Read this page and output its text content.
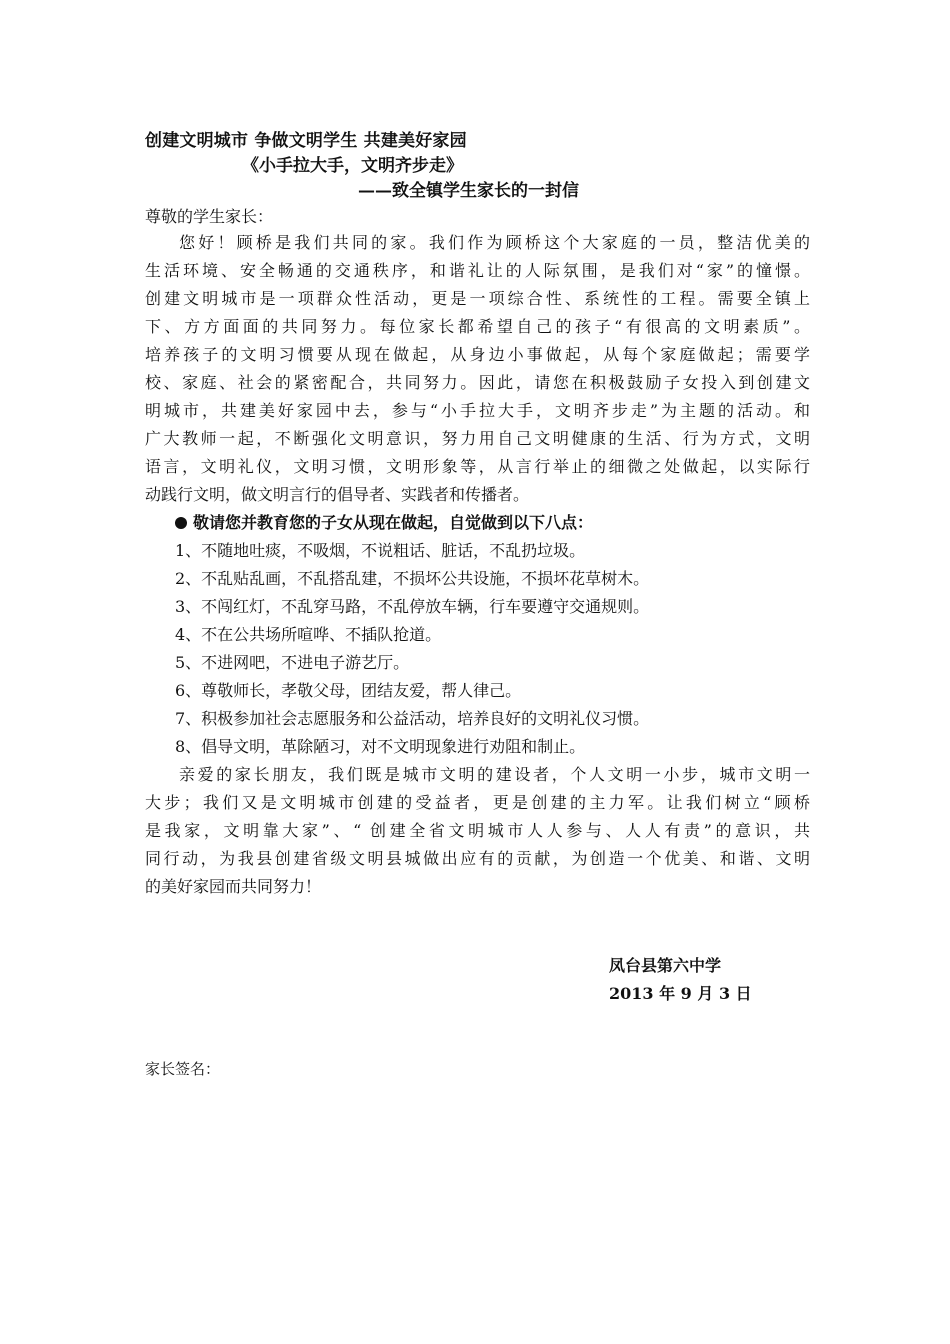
创建文明城市 争做文明学生 共建美好家园
《小手拉大手，文明齐步走》
——致全镇学生家长的一封信
尊敬的学生家长：
您好！顾桥是我们共同的家。我们作为顾桥这个大家庭的一员，整洁优美的
生活环境、安全畅通的交通秩序，和谐礼让的人际氛围，是我们对“家”的憧憬。
创建文明城市是一项群众性活动，更是一项综合性、系统性的工程。需要全镇上
下、方方面面的共同努力。每位家长都希望自己的孩子“有很高的文明素质”。
培养孩子的文明习惯要从现在做起，从身边小事做起，从每个家庭做起；需要学
校、家庭、社会的紧密配合，共同努力。因此，请您在积极鼓励子女投入到创建文
明城市，共建美好家园中去，参与“小手拉大手，文明齐步走”为主题的活动。和
广大教师一起，不断强化文明意识，努力用自己文明健康的生活、行为方式，文明
语言，文明礼仪，文明习惯，文明形象等，从言行举止的细微之处做起，以实际行
动践行文明，做文明言行的倡导者、实践者和传播者。
敬请您并教育您的子女从现在做起，自觉做到以下八点：
1、不随地吐痰，不吸烟，不说粗话、脏话，不乱扔垃圾。
2、不乱贴乱画，不乱搭乱建，不损坏公共设施，不损坏花草树木。
3、不闯红灯，不乱穿马路，不乱停放车辆，行车要遵守交通规则。
4、不在公共场所喧哗、不插队抢道。
5、不进网吧，不进电子游艺厅。
6、尊敬师长，孝敬父母，团结友爱，帮人律己。
7、积极参加社会志愿服务和公益活动，培养良好的文明礼仪习惯。
8、倡导文明，革除陋习，对不文明现象进行劝阻和制止。
亲爱的家长朋友，我们既是城市文明的建设者，个人文明一小步，城市文明一
大步；我们又是文明城市创建的受益者，更是创建的主力军。让我们树立“顾桥
是我家，文明靠大家”、“ 创建全省文明城市人人参与、人人有责”的意识，共
同行动，为我县创建省级文明县城做出应有的贡献，为创造一个优美、和谐、文明
的美好家园而共同努力！
凤台县第六中学
2013 年 9 月 3 日
家长签名：
